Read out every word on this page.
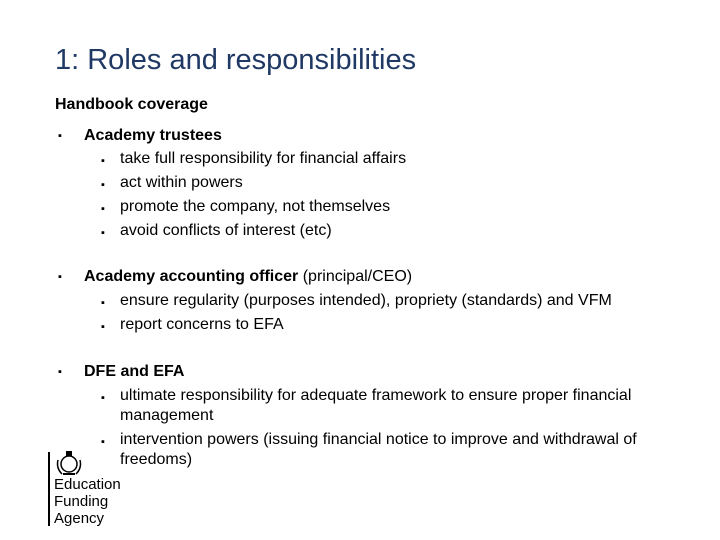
1: Roles and responsibilities
Handbook coverage
▪ Academy trustees
▪ take full responsibility for financial affairs
▪ act within powers
▪ promote the company, not themselves
▪ avoid conflicts of interest (etc)
▪ Academy accounting officer (principal/CEO)
▪ ensure regularity (purposes intended), propriety (standards) and VFM
▪ report concerns to EFA
▪ DFE and EFA
▪ ultimate responsibility for adequate framework to ensure proper financial management
▪ intervention powers (issuing financial notice to improve and withdrawal of freedoms)
Education
Funding
Agency
